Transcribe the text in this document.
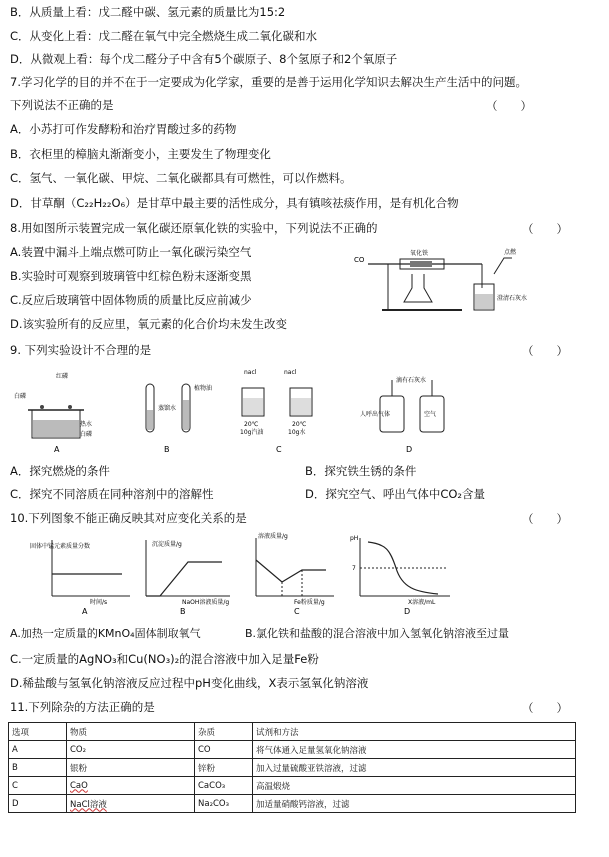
B．从质量上看：戊二醛中碳、氢元素的质量比为15:2
C．从变化上看：戊二醛在氧气中完全燃烧生成二氧化碳和水
D．从微观上看：每个戊二醛分子中含有5个碳原子、8个氢原子和2个氧原子
7.学习化学的目的并不在于一定要成为化学家，重要的是善于运用化学知识去解决生产生活中的问题。
下列说法不正确的是	（　　）
A．小苏打可作发酵粉和治疗胃酸过多的药物
B．衣柜里的樟脑丸渐渐变小，主要发生了物理变化
C．氢气、一氧化碳、甲烷、二氧化碳都具有可燃性，可以作燃料。
D．甘草酮（C₂₂H₂₂O₆）是甘草中最主要的活性成分，具有镇咳祛痰作用，是有机化合物
8.用如图所示装置完成一氧化碳还原氧化铁的实验中，下列说法不正确的	（　　）
A.装置中漏斗上端点燃可防止一氧化碳污染空气
B.实验时可观察到玻璃管中红棕色粉末逐渐变黑
C.反应后玻璃管中固体物质的质量比反应前减少
D.该实验所有的反应里，氧元素的化合价均未发生改变
CO
氧化铁	点燃
澄清石灰水
9. 下列实验设计不合理的是	（　　）
红磷
白磷
热水
白磷
A
蒸馏水
植物油
B
nacl	nacl
20℃
10g汽油
20℃
10g水
C
滴有石灰水
人呼出气体	空气
D
A．探究燃烧的条件	B．探究铁生锈的条件
C．探究不同溶质在同种溶剂中的溶解性	D．探究空气、呼出气体中CO₂含量
10.下列图象不能正确反映其对应变化关系的是	（　　）
固体中锰元素质量分数
时间/s
A
沉淀质量/g
NaOH溶液质量/g
B
溶液质量/g
Fe粉质量/g
C
pH
7
X溶液/mL
D
A.加热一定质量的KMnO₄固体制取氧气	B.氯化铁和盐酸的混合溶液中加入氢氧化钠溶液至过量
C.一定质量的AgNO₃和Cu(NO₃)₂的混合溶液中加入足量Fe粉
D.稀盐酸与氢氧化钠溶液反应过程中pH变化曲线，X表示氢氧化钠溶液
11.下列除杂的方法正确的是	（　　）
选项	物质	杂质	试剂和方法
A	CO₂	CO	将气体通入足量氢氧化钠溶液
B	银粉	锌粉	加入过量硫酸亚铁溶液，过滤
C	CaO	CaCO₃	高温煅烧
D	NaCl溶液	Na₂CO₃	加适量硝酸钙溶液，过滤
